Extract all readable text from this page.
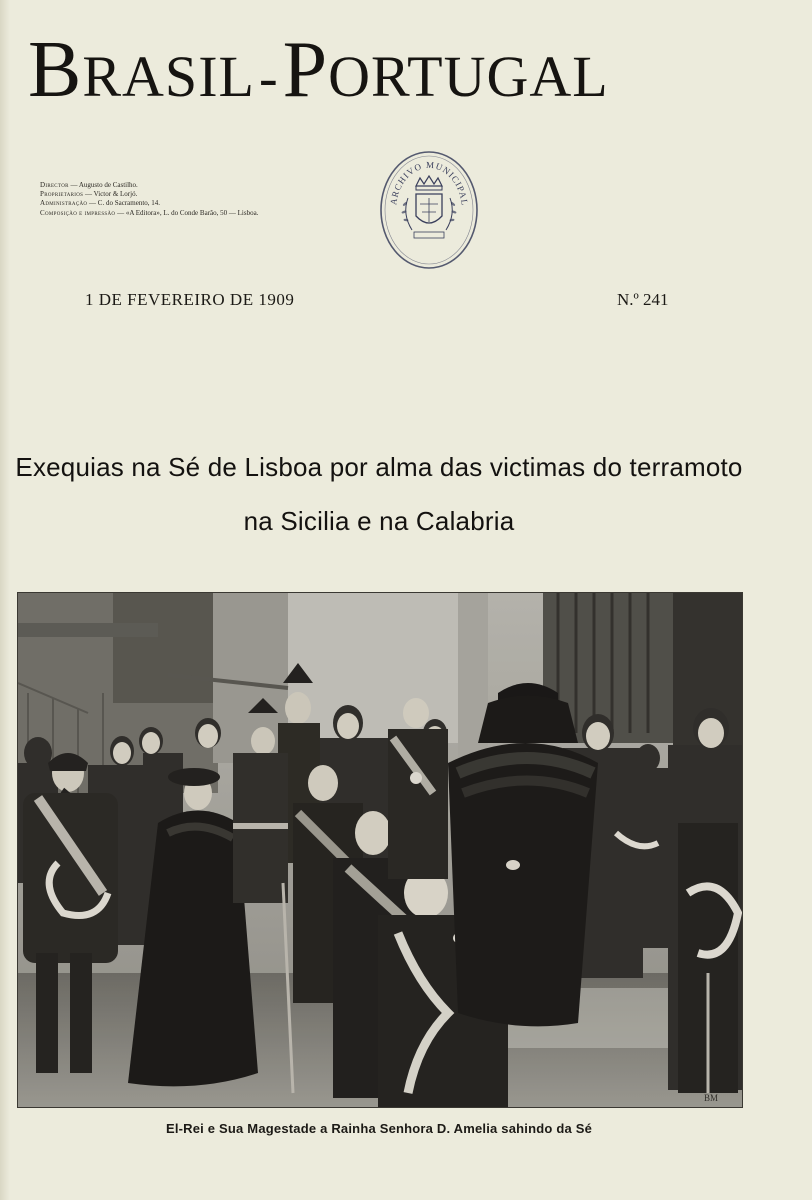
BRASIL-PORTUGAL
Director — Augusto de Castilho.
Proprietarios — Victor & Lorjó.
Administração — C. do Sacramento, 14.
Composição e impressão — «A Editora», L. do Conde Barão, 50 — Lisboa.
ARCHIVO MUNICIPAL
1 DE FEVEREIRO DE 1909	N.º 241
Exequias na Sé de Lisboa por alma das victimas do terramoto
na Sicilia e na Calabria
BM
El-Rei e Sua Magestade a Rainha Senhora D. Amelia sahindo da Sé
